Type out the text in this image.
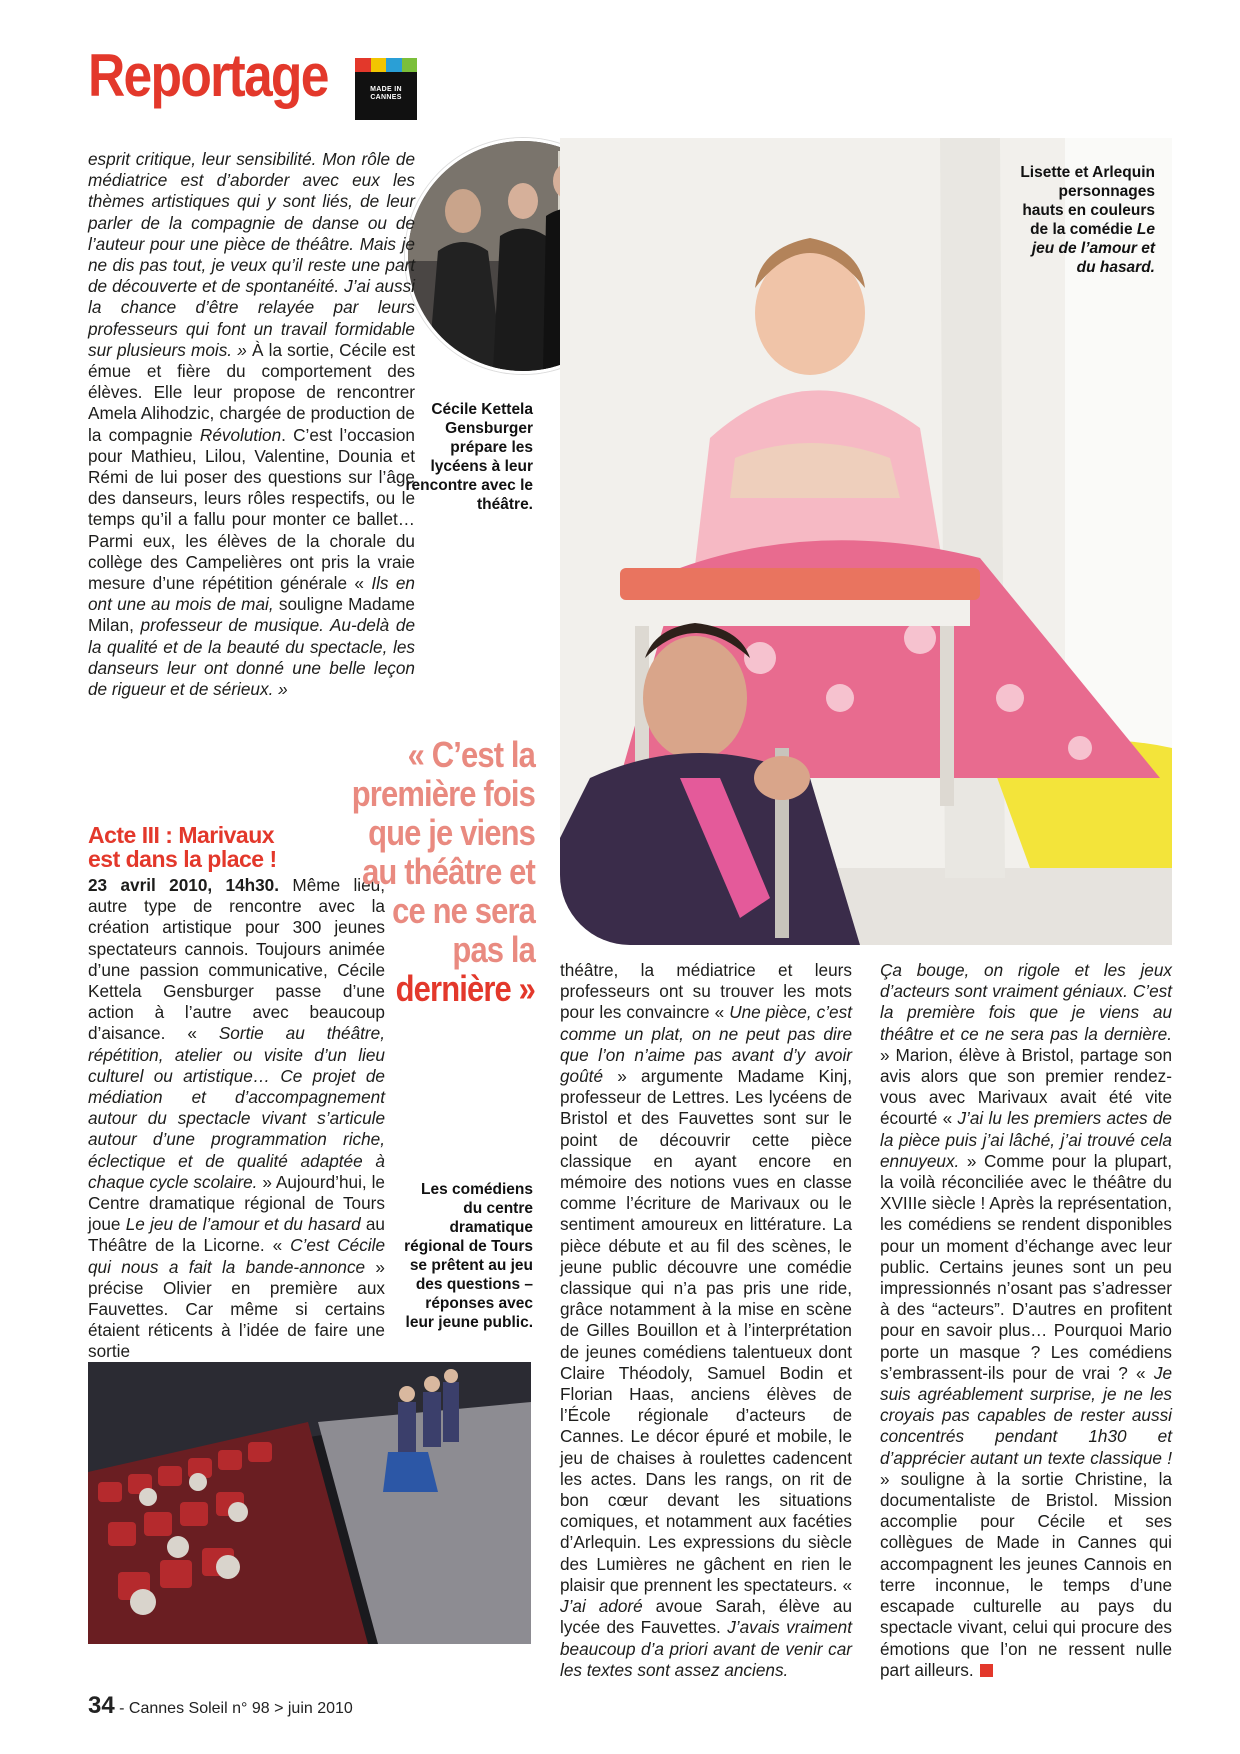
Reportage	MADE IN CANNES

esprit critique, leur sensibilité. Mon rôle de médiatrice est d’aborder avec eux les thèmes artistiques qui y sont liés, de leur parler de la compagnie de danse ou de l’auteur pour une pièce de théâtre. Mais je ne dis pas tout, je veux qu’il reste une part de découverte et de spontanéité. J’ai aussi la chance d’être relayée par leurs professeurs qui font un travail formidable sur plusieurs mois. » À la sortie, Cécile est émue et fière du comportement des élèves. Elle leur propose de rencontrer Amela Alihodzic, chargée de production de la compagnie Révolution. C’est l’occasion pour Mathieu, Lilou, Valentine, Dounia et Rémi de lui poser des questions sur l’âge des danseurs, leurs rôles respectifs, ou le temps qu’il a fallu pour monter ce ballet… Parmi eux, les élèves de la chorale du collège des Campelières ont pris la vraie mesure d’une répétition générale « Ils en ont une au mois de mai, souligne Madame Milan, professeur de musique. Au-delà de la qualité et de la beauté du spectacle, les danseurs leur ont donné une belle leçon de rigueur et de sérieux. »

Acte III : Marivaux est dans la place !

23 avril 2010, 14h30. Même lieu, autre type de rencontre avec la création artistique pour 300 jeunes spectateurs cannois. Toujours animée d’une passion communicative, Cécile Kettela Gensburger passe d’une action à l’autre avec beaucoup d’aisance. « Sortie au théâtre, répétition, atelier ou visite d’un lieu culturel ou artistique… Ce projet de médiation et d’accompagnement autour du spectacle vivant s’articule autour d’une programmation riche, éclectique et de qualité adaptée à chaque cycle scolaire. » Aujourd’hui, le Centre dramatique régional de Tours joue Le jeu de l’amour et du hasard au Théâtre de la Licorne. « C’est Cécile qui nous a fait la bande-annonce » précise Olivier en première aux Fauvettes. Car même si certains étaient réticents à l’idée de faire une sortie

« C’est la première fois que je viens au théâtre et ce ne sera pas la dernière »
Cécile Kettela Gensburger prépare les lycéens à leur rencontre avec le théâtre.
Lisette et Arlequin personnages hauts en couleurs de la comédie Le jeu de l’amour et du hasard.
Les comédiens du centre dramatique régional de Tours se prêtent au jeu des questions – réponses avec leur jeune public.

théâtre, la médiatrice et leurs professeurs ont su trouver les mots pour les convaincre « Une pièce, c’est comme un plat, on ne peut pas dire que l’on n’aime pas avant d’y avoir goûté » argumente Madame Kinj, professeur de Lettres. Les lycéens de Bristol et des Fauvettes sont sur le point de découvrir cette pièce classique en ayant encore en mémoire des notions vues en classe comme l’écriture de Marivaux ou le sentiment amoureux en littérature. La pièce débute et au fil des scènes, le jeune public découvre une comédie classique qui n’a pas pris une ride, grâce notamment à la mise en scène de Gilles Bouillon et à l’interprétation de jeunes comédiens talentueux dont Claire Théodoly, Samuel Bodin et Florian Haas, anciens élèves de l’École régionale d’acteurs de Cannes. Le décor épuré et mobile, le jeu de chaises à roulettes cadencent les actes. Dans les rangs, on rit de bon cœur devant les situations comiques, et notamment aux facéties d’Arlequin. Les expressions du siècle des Lumières ne gâchent en rien le plaisir que prennent les spectateurs. « J’ai adoré avoue Sarah, élève au lycée des Fauvettes. J’avais vraiment beaucoup d’a priori avant de venir car les textes sont assez anciens.

Ça bouge, on rigole et les jeux d’acteurs sont vraiment géniaux. C’est la première fois que je viens au théâtre et ce ne sera pas la dernière. » Marion, élève à Bristol, partage son avis alors que son premier rendez-vous avec Marivaux avait été vite écourté « J’ai lu les premiers actes de la pièce puis j’ai lâché, j’ai trouvé cela ennuyeux. » Comme pour la plupart, la voilà réconciliée avec le théâtre du XVIIIe siècle ! Après la représentation, les comédiens se rendent disponibles pour un moment d’échange avec leur public. Certains jeunes sont un peu impressionnés n’osant pas s’adresser à des “acteurs”. D’autres en profitent pour en savoir plus… Pourquoi Mario porte un masque ? Les comédiens s’embrassent-ils pour de vrai ? « Je suis agréablement surprise, je ne les croyais pas capables de rester aussi concentrés pendant 1h30 et d’apprécier autant un texte classique ! » souligne à la sortie Christine, la documentaliste de Bristol. Mission accomplie pour Cécile et ses collègues de Made in Cannes qui accompagnent les jeunes Cannois en terre inconnue, le temps d’une escapade culturelle au pays du spectacle vivant, celui qui procure des émotions que l’on ne ressent nulle part ailleurs.

34 - Cannes Soleil n° 98 > juin 2010
